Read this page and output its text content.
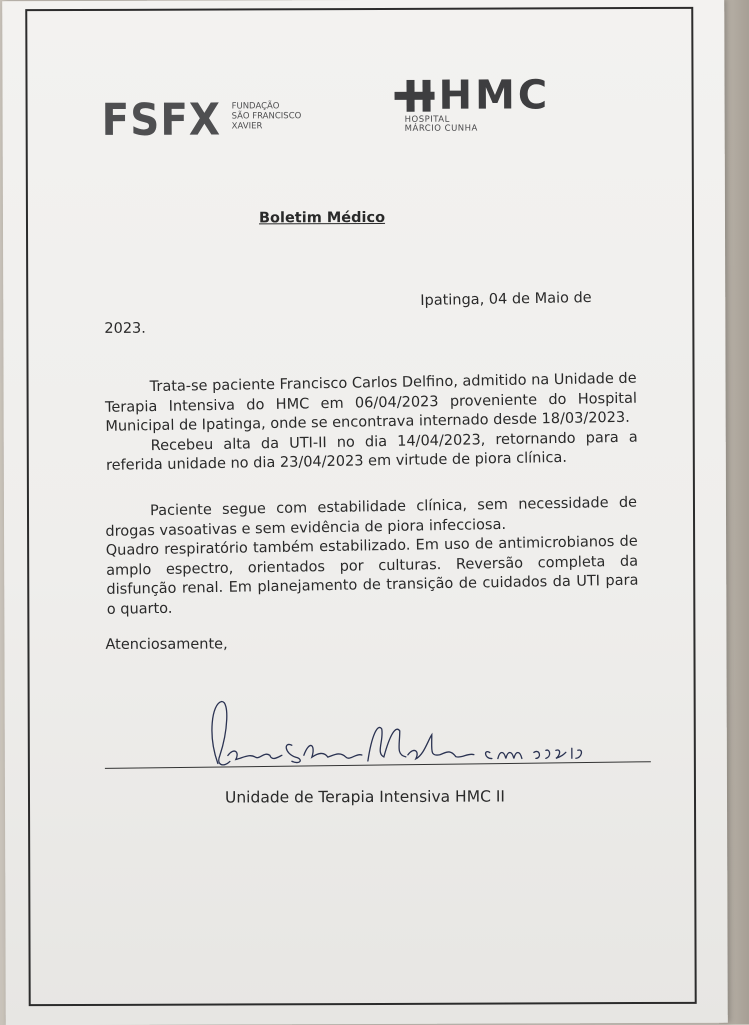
FSFX FUNDAÇÃO
SÃO FRANCISCO
XAVIER
HMC
HOSPITAL
MÁRCIO CUNHA
Boletim Médico
Ipatinga, 04 de Maio de
2023.

Trata-se paciente Francisco Carlos Delfino, admitido na Unidade de Terapia Intensiva do HMC em 06/04/2023 proveniente do Hospital Municipal de Ipatinga, onde se encontrava internado desde 18/03/2023.

Recebeu alta da UTI-II no dia 14/04/2023, retornando para a referida unidade no dia 23/04/2023 em virtude de piora clínica.

Paciente segue com estabilidade clínica, sem necessidade de drogas vasoativas e sem evidência de piora infecciosa.

Quadro respiratório também estabilizado. Em uso de antimicrobianos de amplo espectro, orientados por culturas. Reversão completa da disfunção renal. Em planejamento de transição de cuidados da UTI para o quarto.

Atenciosamente,
Unidade de Terapia Intensiva HMC II
